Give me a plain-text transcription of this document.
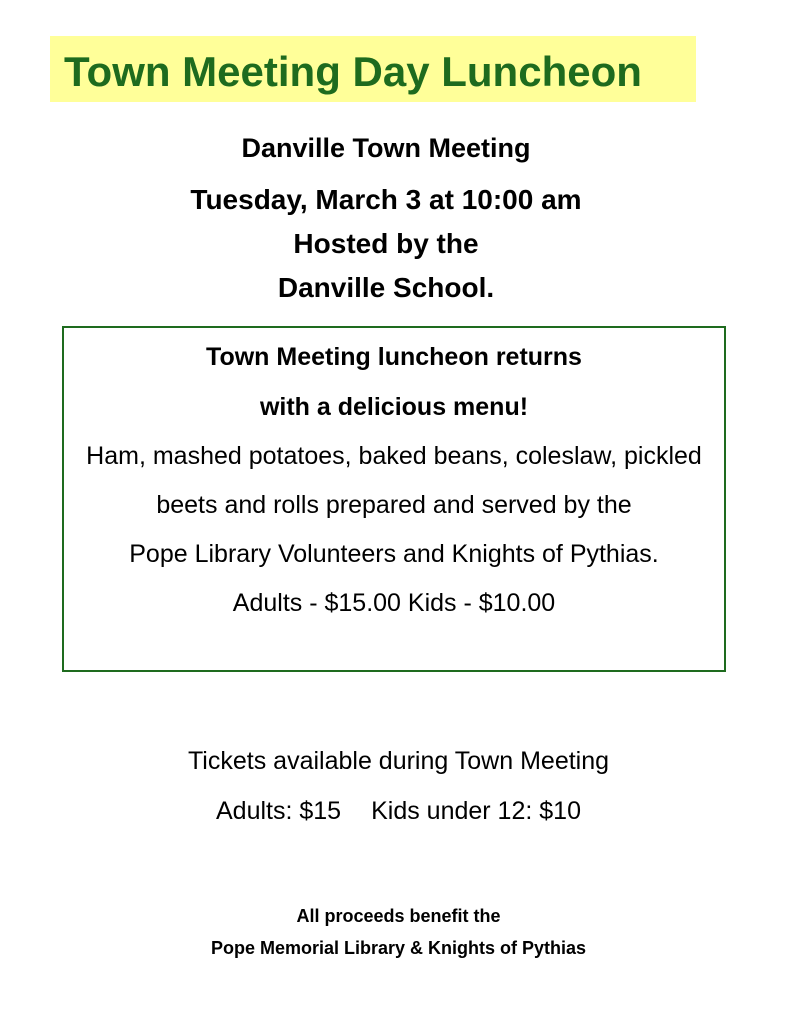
Town Meeting Day Luncheon
Danville Town Meeting
Tuesday, March 3 at 10:00 am
Hosted by the
Danville School.
Town Meeting luncheon returns
with a delicious menu!
Ham, mashed potatoes, baked beans, coleslaw, pickled beets and rolls prepared and served by the
Pope Library Volunteers and Knights of Pythias.
Adults - $15.00 Kids - $10.00
Tickets available during Town Meeting
Adults: $15 Kids under 12: $10
All proceeds benefit the
Pope Memorial Library & Knights of Pythias
